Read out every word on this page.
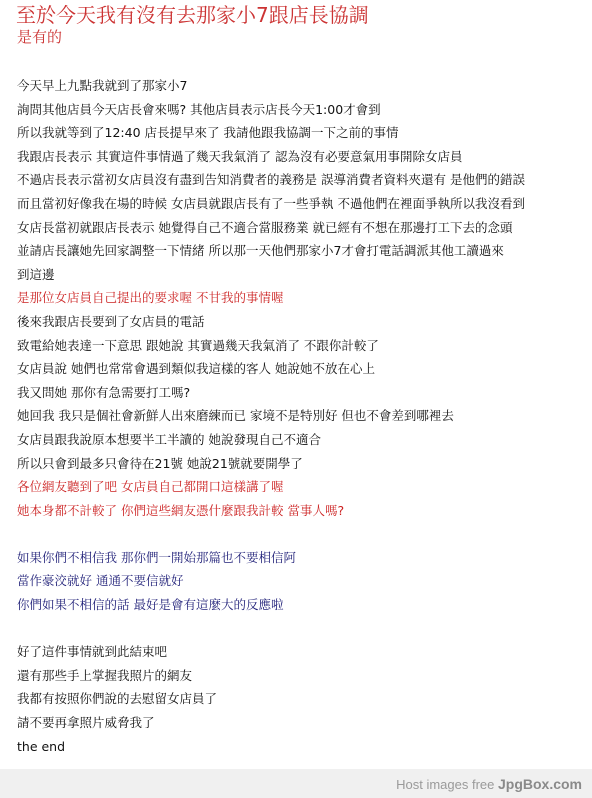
至於今天我有沒有去那家小7跟店長協調
是有的
今天早上九點我就到了那家小7
詢問其他店員今天店長會來嗎? 其他店員表示店長今天1:00才會到
所以我就等到了12:40 店長提早來了 我請他跟我協調一下之前的事情
我跟店長表示 其實這件事情過了幾天我氣消了 認為沒有必要意氣用事開除女店員
不過店長表示當初女店員沒有盡到告知消費者的義務是 誤導消費者資料夾還有 是他們的錯誤
而且當初好像我在場的時候 女店員就跟店長有了一些爭執 不過他們在裡面爭執所以我沒看到
女店長當初就跟店長表示 她覺得自己不適合當服務業 就已經有不想在那邊打工下去的念頭
並請店長讓她先回家調整一下情緒 所以那一天他們那家小7才會打電話調派其他工讀過來
到這邊
是那位女店員自己提出的要求喔 不甘我的事情喔
後來我跟店長要到了女店員的電話
致電給她表達一下意思 跟她說 其實過幾天我氣消了 不跟你計較了
女店員說 她們也常常會遇到類似我這樣的客人 她說她不放在心上
我又問她 那你有急需要打工嗎?
她回我 我只是個社會新鮮人出來磨練而已 家境不是特別好 但也不會差到哪裡去
女店員跟我說原本想要半工半讀的 她說發現自己不適合
所以只會到最多只會待在21號 她說21號就要開學了
各位網友聽到了吧 女店員自己都開口這樣講了喔
她本身都不計較了 你們這些網友憑什麼跟我計較 當事人嗎?
如果你們不相信我 那你們一開始那篇也不要相信阿
當作豪洨就好 通通不要信就好
你們如果不相信的話 最好是會有這麼大的反應啦
好了這件事情就到此結束吧
還有那些手上掌握我照片的網友
我都有按照你們說的去慰留女店員了
請不要再拿照片威脅我了
the end
Host images free JpgBox.com
